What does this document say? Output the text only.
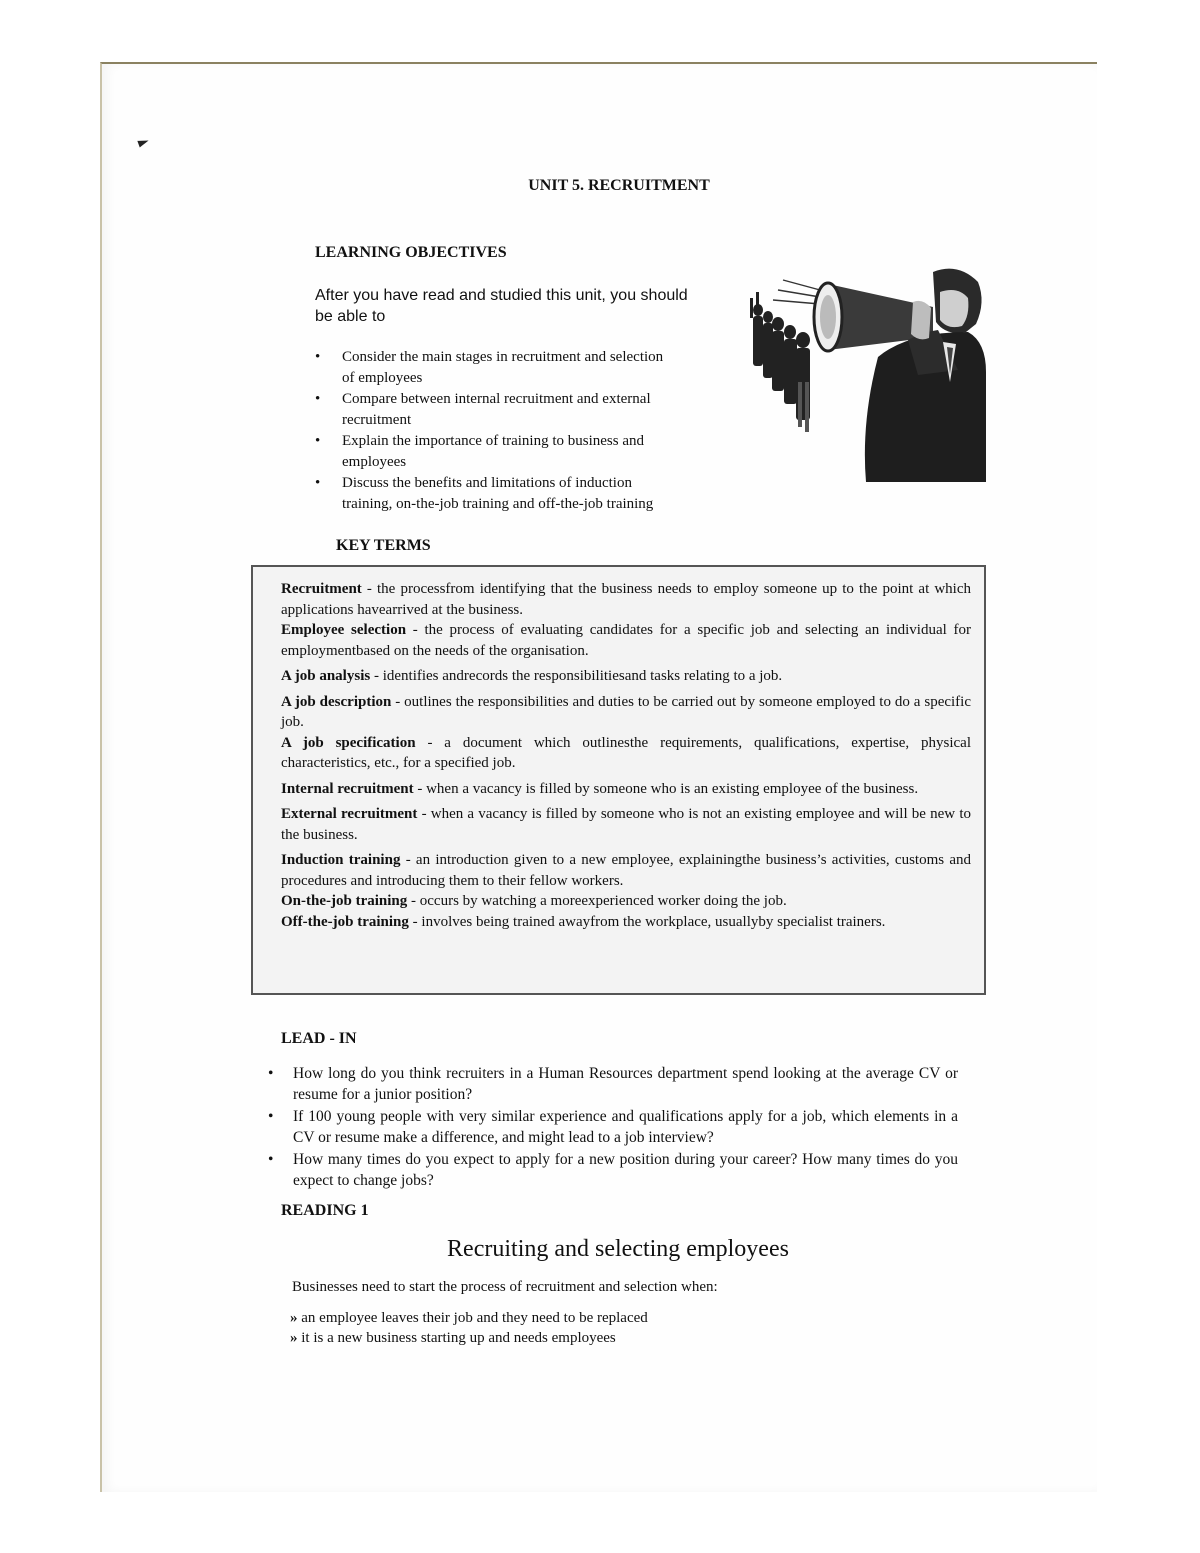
►
UNIT 5. RECRUITMENT
LEARNING OBJECTIVES
After you have read and studied this unit, you should be able to
• Consider the main stages in recruitment and selection of employees
• Compare between internal recruitment and external recruitment
• Explain the importance of training to business and employees
• Discuss the benefits and limitations of induction training, on-the-job training and off-the-job training
KEY TERMS

Recruitment - the processfrom identifying that the business needs to employ someone up to the point at which applications havearrived at the business.

Employee selection - the process of evaluating candidates for a specific job and selecting an individual for employmentbased on the needs of the organisation.

A job analysis - identifies andrecords the responsibilitiesand tasks relating to a job.

A job description - outlines the responsibilities and duties to be carried out by someone employed to do a specific job.

A job specification - a document which outlinesthe requirements, qualifications, expertise, physical characteristics, etc., for a specified job.

Internal recruitment - when a vacancy is filled by someone who is an existing employee of the business.

External recruitment - when a vacancy is filled by someone who is not an existing employee and will be new to the business.

Induction training - an introduction given to a new employee, explainingthe business’s activities, customs and procedures and introducing them to their fellow workers.

On-the-job training - occurs by watching a moreexperienced worker doing the job.

Off-the-job training - involves being trained awayfrom the workplace, usuallyby specialist trainers.

LEAD - IN
• How long do you think recruiters in a Human Resources department spend looking at the average CV or resume for a junior position?
• If 100 young people with very similar experience and qualifications apply for a job, which elements in a CV or resume make a difference, and might lead to a job interview?
• How many times do you expect to apply for a new position during your career? How many times do you expect to change jobs?
READING 1
Recruiting and selecting employees
Businesses need to start the process of recruitment and selection when:
» an employee leaves their job and they need to be replaced
» it is a new business starting up and needs employees
